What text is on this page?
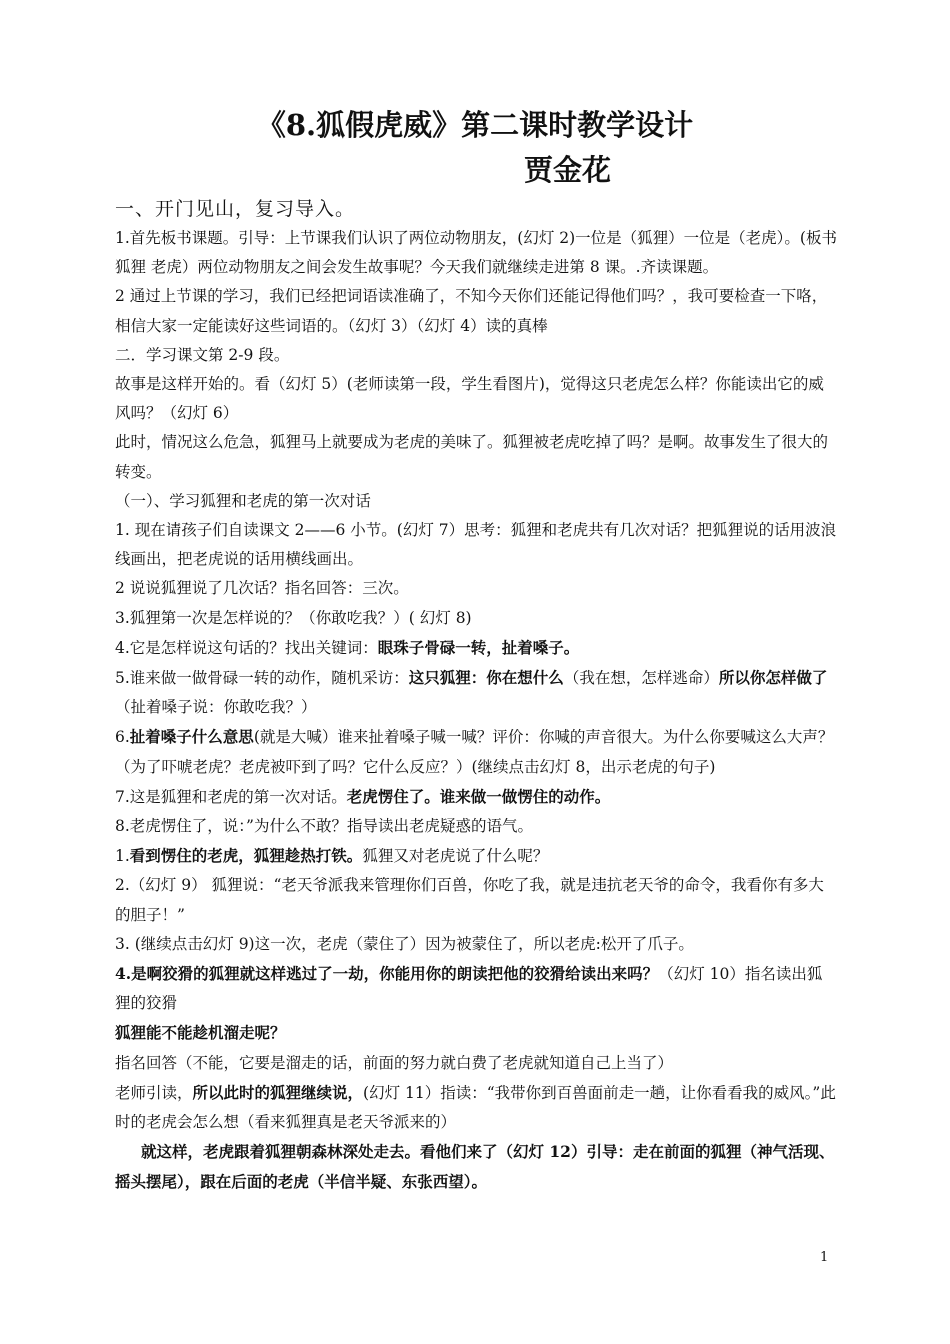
《8.狐假虎威》第二课时教学设计
贾金花
一、开门见山，复习导入。

1.首先板书课题。引导：上节课我们认识了两位动物朋友，(幻灯 2)一位是（狐狸）一位是（老虎）。(板书狐狸 老虎）两位动物朋友之间会发生故事呢？今天我们就继续走进第 8 课。.齐读课题。

2 通过上节课的学习，我们已经把词语读准确了，不知今天你们还能记得他们吗？，我可要检查一下咯，相信大家一定能读好这些词语的。（幻灯 3）（幻灯 4）读的真棒

二．学习课文第 2-9 段。

故事是这样开始的。看（幻灯 5）(老师读第一段，学生看图片)，觉得这只老虎怎么样？你能读出它的威风吗？（幻灯 6）

此时，情况这么危急，狐狸马上就要成为老虎的美味了。狐狸被老虎吃掉了吗？是啊。故事发生了很大的转变。

（一）、学习狐狸和老虎的第一次对话

1. 现在请孩子们自读课文 2——6 小节。(幻灯 7）思考：狐狸和老虎共有几次对话？把狐狸说的话用波浪线画出，把老虎说的话用横线画出。

2 说说狐狸说了几次话？指名回答：三次。

3.狐狸第一次是怎样说的？（你敢吃我？）( 幻灯 8)

4.它是怎样说这句话的？找出关键词：眼珠子骨碌一转，扯着嗓子。

5.谁来做一做骨碌一转的动作，随机采访：这只狐狸：你在想什么（我在想，怎样逃命）所以你怎样做了（扯着嗓子说：你敢吃我？）

6.扯着嗓子什么意思(就是大喊）谁来扯着嗓子喊一喊？评价：你喊的声音很大。为什么你要喊这么大声？（为了吓唬老虎？老虎被吓到了吗？它什么反应？）(继续点击幻灯 8，出示老虎的句子)

7.这是狐狸和老虎的第一次对话。老虎愣住了。谁来做一做愣住的动作。

8.老虎愣住了，说：”为什么不敢？指导读出老虎疑惑的语气。

1.看到愣住的老虎，狐狸趁热打铁。狐狸又对老虎说了什么呢？

2.（幻灯 9） 狐狸说：“老天爷派我来管理你们百兽，你吃了我，就是违抗老天爷的命令，我看你有多大的胆子！”

3. (继续点击幻灯 9)这一次，老虎（蒙住了）因为被蒙住了，所以老虎:松开了爪子。

4.是啊狡猾的狐狸就这样逃过了一劫，你能用你的朗读把他的狡猾给读出来吗？（幻灯 10）指名读出狐狸的狡猾

狐狸能不能趁机溜走呢？指名回答（不能，它要是溜走的话，前面的努力就白费了老虎就知道自己上当了）

老师引读，所以此时的狐狸继续说，(幻灯 11）指读：“我带你到百兽面前走一趟，让你看看我的威风。”此时的老虎会怎么想（看来狐狸真是老天爷派来的）

就这样，老虎跟着狐狸朝森林深处走去。看他们来了（幻灯 12）引导：走在前面的狐狸（神气活现、摇头摆尾），跟在后面的老虎（半信半疑、东张西望）。

1
